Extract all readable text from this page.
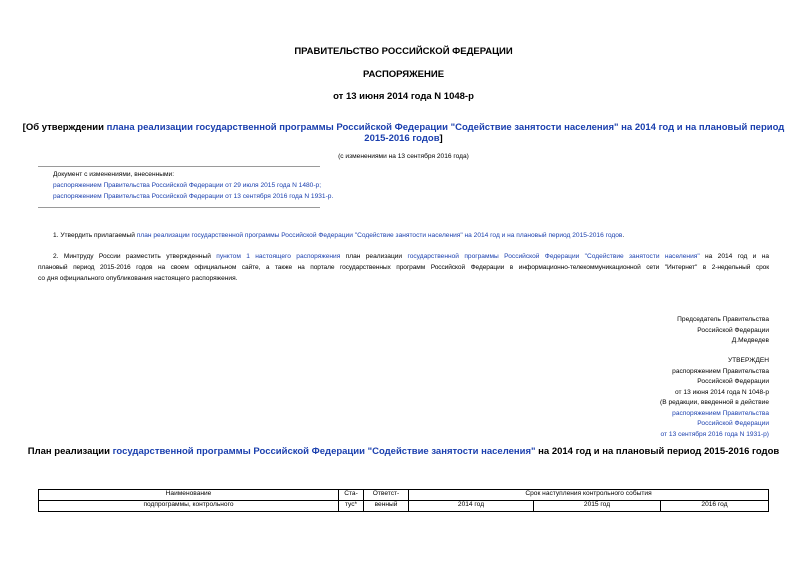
ПРАВИТЕЛЬСТВО РОССИЙСКОЙ ФЕДЕРАЦИИ
РАСПОРЯЖЕНИЕ
от 13 июня 2014 года N 1048-р
[Об утверждении плана реализации государственной программы Российской Федерации "Содействие занятости населения" на 2014 год и на плановый период
2015-2016 годов]
(с изменениями на 13 сентября 2016 года)
Документ с изменениями, внесенными:
распоряжением Правительства Российской Федерации от 29 июля 2015 года N 1480-р;
распоряжением Правительства Российской Федерации от 13 сентября 2016 года N 1931-р.
1. Утвердить прилагаемый план реализации государственной программы Российской Федерации "Содействие занятости населения" на 2014 год и на плановый период 2015-2016 годов.
2. Минтруду России разместить утвержденный пунктом 1 настоящего распоряжения план реализации государственной программы Российской Федерации "Содействие занятости населения" на 2014 год и на
плановый период 2015-2016 годов на своем официальном сайте, а также на портале государственных программ Российской Федерации в информационно-телекоммуникационной сети "Интернет" в 2-недельный срок
со дня официального опубликования настоящего распоряжения.
Председатель Правительства
Российской Федерации
Д.Медведев
УТВЕРЖДЕН
распоряжением Правительства
Российской Федерации
от 13 июня 2014 года N 1048-р
(В редакции, введенной в действие
распоряжением Правительства
Российской Федерации
от 13 сентября 2016 года N 1931-р)
План реализации государственной программы Российской Федерации "Содействие занятости населения" на 2014 год и на плановый период 2015-2016 годов
Наименование	Ста-	Ответст-	Срок наступления контрольного события		
подпрограммы, контрольного	тус*	венный	2014 год	2015 год	2016 год
